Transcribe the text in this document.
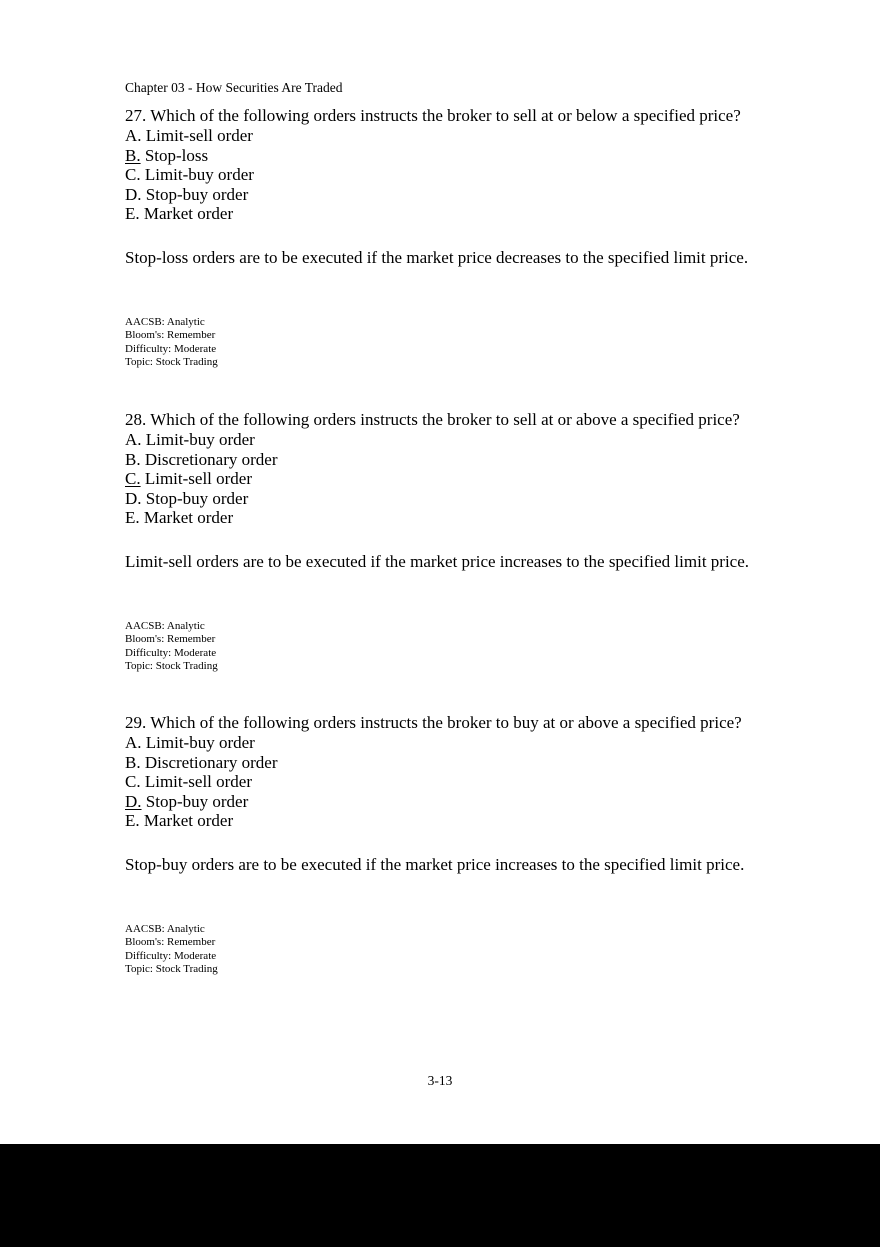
Chapter 03 - How Securities Are Traded
27. Which of the following orders instructs the broker to sell at or below a specified price?
A. Limit-sell order
B. Stop-loss
C. Limit-buy order
D. Stop-buy order
E. Market order
Stop-loss orders are to be executed if the market price decreases to the specified limit price.
AACSB: Analytic
Bloom's: Remember
Difficulty: Moderate
Topic: Stock Trading
28. Which of the following orders instructs the broker to sell at or above a specified price?
A. Limit-buy order
B. Discretionary order
C. Limit-sell order
D. Stop-buy order
E. Market order
Limit-sell orders are to be executed if the market price increases to the specified limit price.
AACSB: Analytic
Bloom's: Remember
Difficulty: Moderate
Topic: Stock Trading
29. Which of the following orders instructs the broker to buy at or above a specified price?
A. Limit-buy order
B. Discretionary order
C. Limit-sell order
D. Stop-buy order
E. Market order
Stop-buy orders are to be executed if the market price increases to the specified limit price.
AACSB: Analytic
Bloom's: Remember
Difficulty: Moderate
Topic: Stock Trading
3-13
